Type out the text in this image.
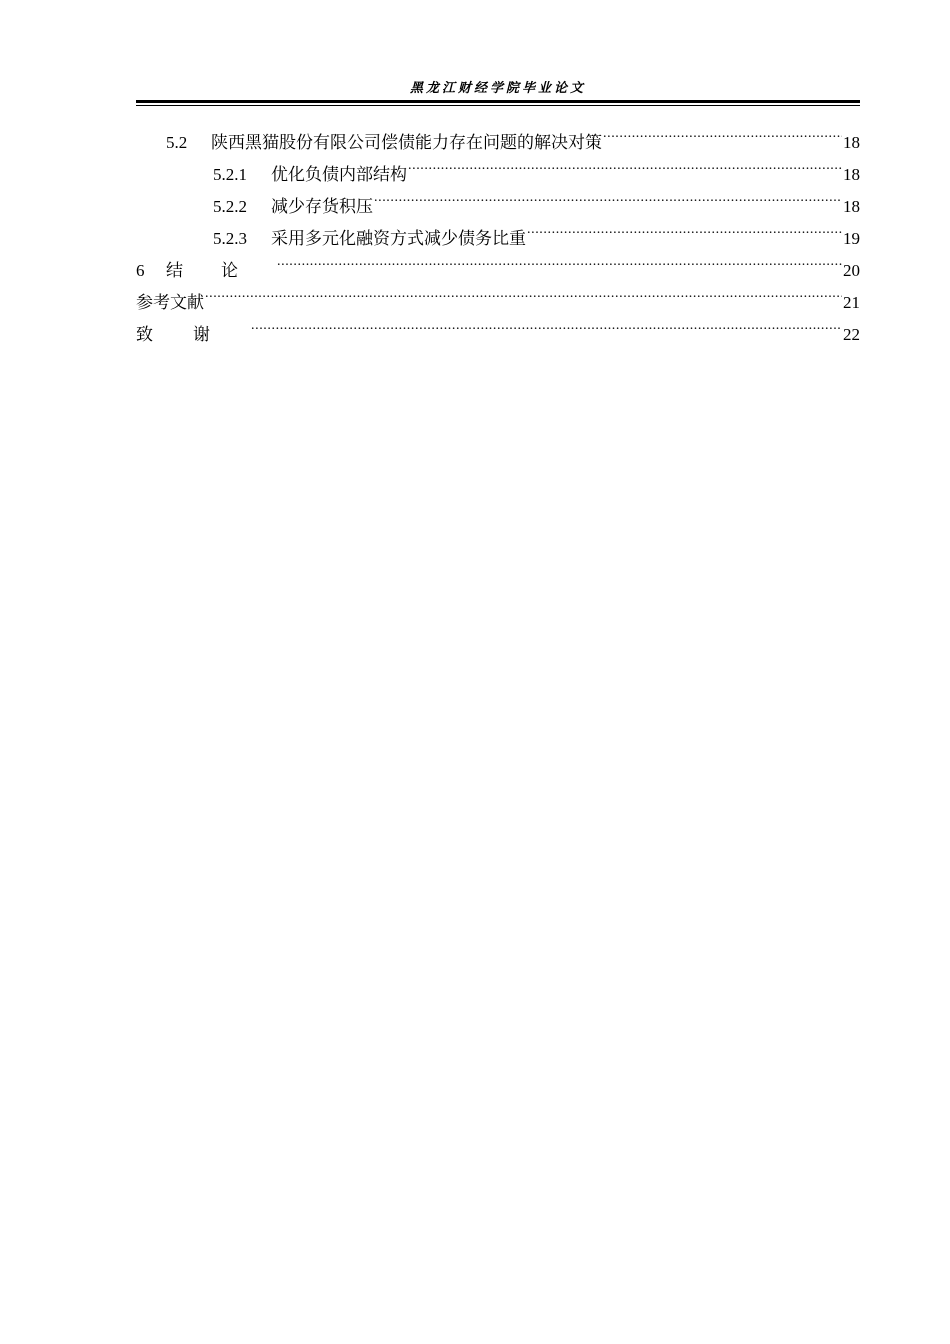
黑龙江财经学院毕业论文
5.2	陕西黑猫股份有限公司偿债能力存在问题的解决对策 .....	18
5.2.1	优化负债内部结构 .....	18
5.2.2	减少存货积压 .....	18
5.2.3	采用多元化融资方式减少债务比重 .....	19
6	结论 .....	20
参考文献 .....	21
致谢 .....	22
